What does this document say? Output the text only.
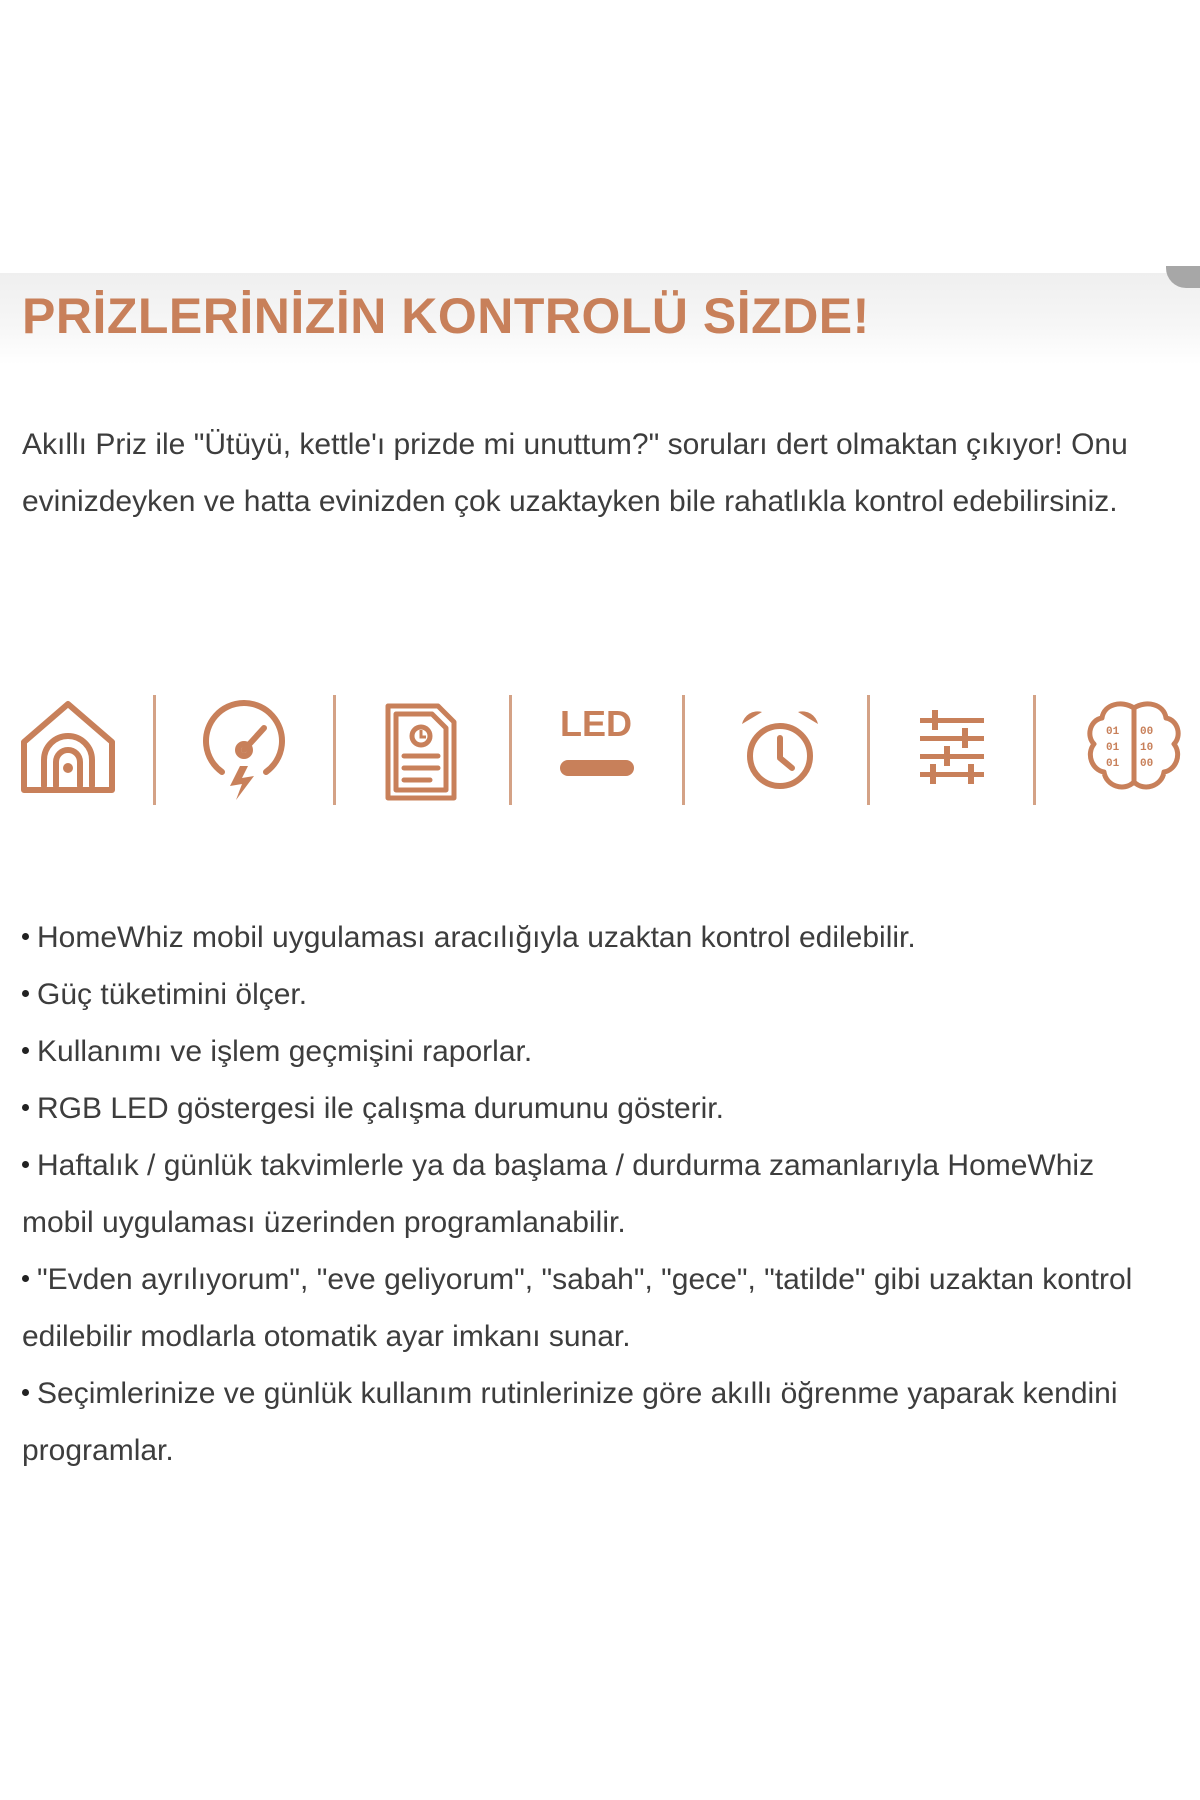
PRİZLERİNİZİN KONTROLÜ SİZDE!

Akıllı Priz ile "Ütüyü, kettle'ı prizde mi unuttum?" soruları dert olmaktan çıkıyor! Onu evinizdeyken ve hatta evinizden çok uzaktayken bile rahatlıkla kontrol edebilirsiniz.

LED	01 00
01 10
01 00
HomeWhiz mobil uygulaması aracılığıyla uzaktan kontrol edilebilir.
Güç tüketimini ölçer.
Kullanımı ve işlem geçmişini raporlar.
RGB LED göstergesi ile çalışma durumunu gösterir.
Haftalık / günlük takvimlerle ya da başlama / durdurma zamanlarıyla HomeWhiz mobil uygulaması üzerinden programlanabilir.
"Evden ayrılıyorum", "eve geliyorum", "sabah", "gece", "tatilde" gibi uzaktan kontrol edilebilir modlarla otomatik ayar imkanı sunar.
Seçimlerinize ve günlük kullanım rutinlerinize göre akıllı öğrenme yaparak kendini programlar.
